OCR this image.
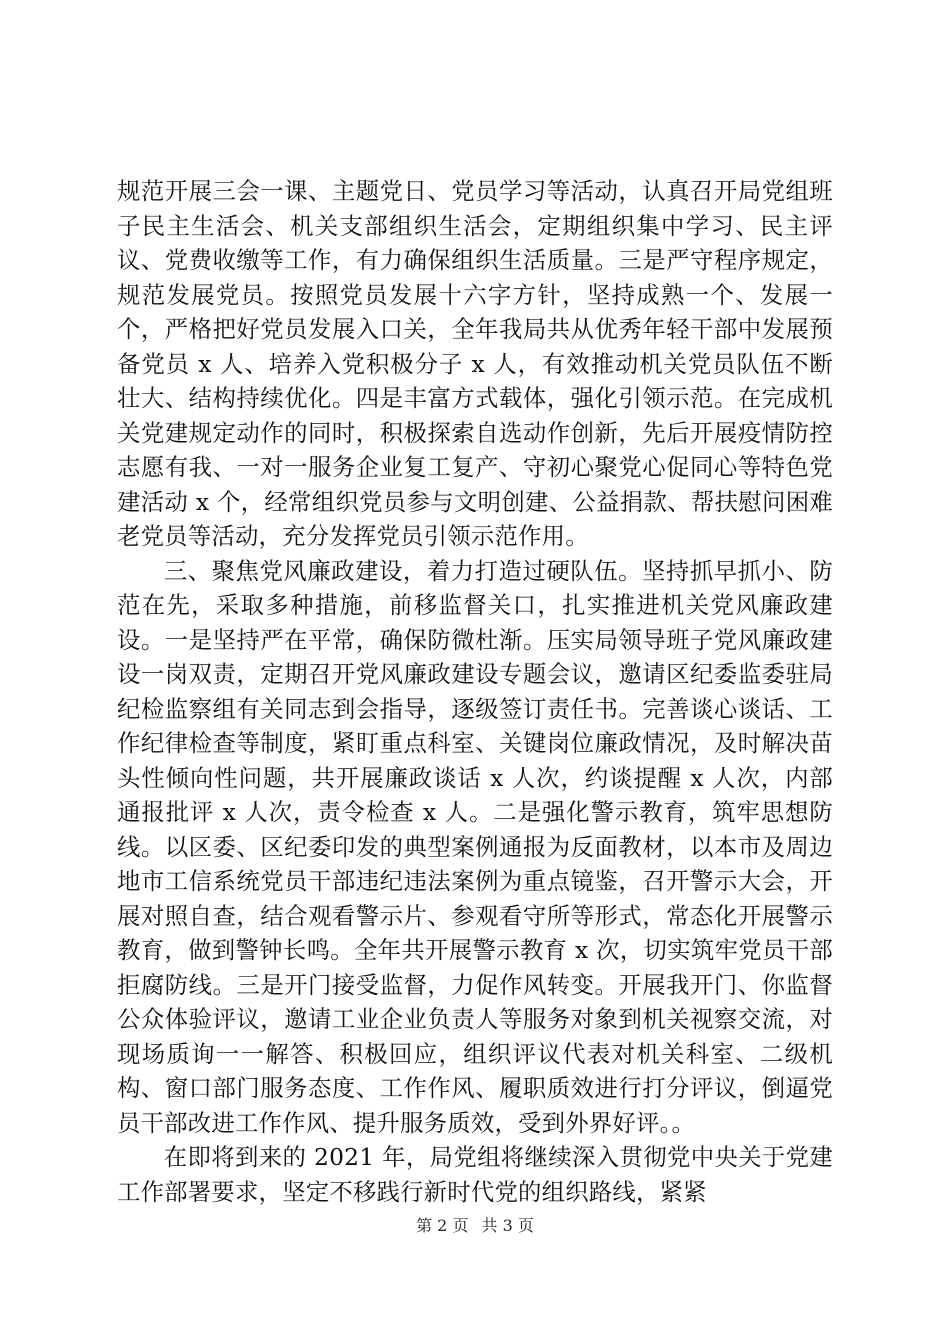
规范开展三会一课、主题党日、党员学习等活动，认真召开局党组班子民主生活会、机关支部组织生活会，定期组织集中学习、民主评议、党费收缴等工作，有力确保组织生活质量。三是严守程序规定，规范发展党员。按照党员发展十六字方针，坚持成熟一个、发展一个，严格把好党员发展入口关，全年我局共从优秀年轻干部中发展预备党员 x 人、培养入党积极分子 x 人，有效推动机关党员队伍不断壮大、结构持续优化。四是丰富方式载体，强化引领示范。在完成机关党建规定动作的同时，积极探索自选动作创新，先后开展疫情防控志愿有我、一对一服务企业复工复产、守初心聚党心促同心等特色党建活动 x 个，经常组织党员参与文明创建、公益捐款、帮扶慰问困难老党员等活动，充分发挥党员引领示范作用。

三、聚焦党风廉政建设，着力打造过硬队伍。坚持抓早抓小、防范在先，采取多种措施，前移监督关口，扎实推进机关党风廉政建设。一是坚持严在平常，确保防微杜渐。压实局领导班子党风廉政建设一岗双责，定期召开党风廉政建设专题会议，邀请区纪委监委驻局纪检监察组有关同志到会指导，逐级签订责任书。完善谈心谈话、工作纪律检查等制度，紧盯重点科室、关键岗位廉政情况，及时解决苗头性倾向性问题，共开展廉政谈话 x 人次，约谈提醒 x 人次，内部通报批评 x 人次，责令检查 x 人。二是强化警示教育，筑牢思想防线。以区委、区纪委印发的典型案例通报为反面教材，以本市及周边地市工信系统党员干部违纪违法案例为重点镜鉴，召开警示大会，开展对照自查，结合观看警示片、参观看守所等形式，常态化开展警示教育，做到警钟长鸣。全年共开展警示教育 x 次，切实筑牢党员干部拒腐防线。三是开门接受监督，力促作风转变。开展我开门、你监督公众体验评议，邀请工业企业负责人等服务对象到机关视察交流，对现场质询一一解答、积极回应，组织评议代表对机关科室、二级机构、窗口部门服务态度、工作作风、履职质效进行打分评议，倒逼党员干部改进工作作风、提升服务质效，受到外界好评。。

在即将到来的 2021 年，局党组将继续深入贯彻党中央关于党建工作部署要求，坚定不移践行新时代党的组织路线，紧紧

第 2 页 共 3 页
